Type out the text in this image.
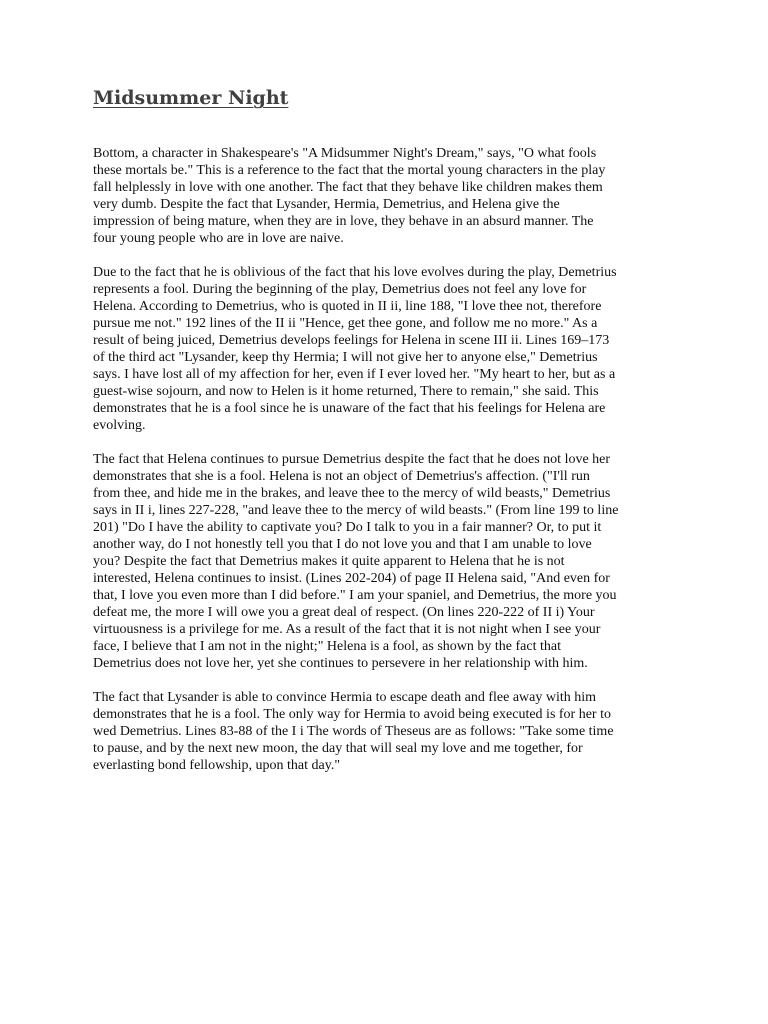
Midsummer Night

Bottom, a character in Shakespeare's "A Midsummer Night's Dream," says, "O what fools
these mortals be." This is a reference to the fact that the mortal young characters in the play
fall helplessly in love with one another. The fact that they behave like children makes them
very dumb. Despite the fact that Lysander, Hermia, Demetrius, and Helena give the
impression of being mature, when they are in love, they behave in an absurd manner. The
four young people who are in love are naive.

Due to the fact that he is oblivious of the fact that his love evolves during the play, Demetrius
represents a fool. During the beginning of the play, Demetrius does not feel any love for
Helena. According to Demetrius, who is quoted in II ii, line 188, "I love thee not, therefore
pursue me not." 192 lines of the II ii "Hence, get thee gone, and follow me no more." As a
result of being juiced, Demetrius develops feelings for Helena in scene III ii. Lines 169–173
of the third act "Lysander, keep thy Hermia; I will not give her to anyone else," Demetrius
says. I have lost all of my affection for her, even if I ever loved her. "My heart to her, but as a
guest-wise sojourn, and now to Helen is it home returned, There to remain," she said. This
demonstrates that he is a fool since he is unaware of the fact that his feelings for Helena are
evolving.

The fact that Helena continues to pursue Demetrius despite the fact that he does not love her
demonstrates that she is a fool. Helena is not an object of Demetrius's affection. ("I'll run
from thee, and hide me in the brakes, and leave thee to the mercy of wild beasts," Demetrius
says in II i, lines 227-228, "and leave thee to the mercy of wild beasts." (From line 199 to line
201) "Do I have the ability to captivate you? Do I talk to you in a fair manner? Or, to put it
another way, do I not honestly tell you that I do not love you and that I am unable to love
you? Despite the fact that Demetrius makes it quite apparent to Helena that he is not
interested, Helena continues to insist. (Lines 202-204) of page II Helena said, "And even for
that, I love you even more than I did before." I am your spaniel, and Demetrius, the more you
defeat me, the more I will owe you a great deal of respect. (On lines 220-222 of II i) Your
virtuousness is a privilege for me. As a result of the fact that it is not night when I see your
face, I believe that I am not in the night;" Helena is a fool, as shown by the fact that
Demetrius does not love her, yet she continues to persevere in her relationship with him.

The fact that Lysander is able to convince Hermia to escape death and flee away with him
demonstrates that he is a fool. The only way for Hermia to avoid being executed is for her to
wed Demetrius. Lines 83-88 of the I i The words of Theseus are as follows: "Take some time
to pause, and by the next new moon, the day that will seal my love and me together, for
everlasting bond fellowship, upon that day."
